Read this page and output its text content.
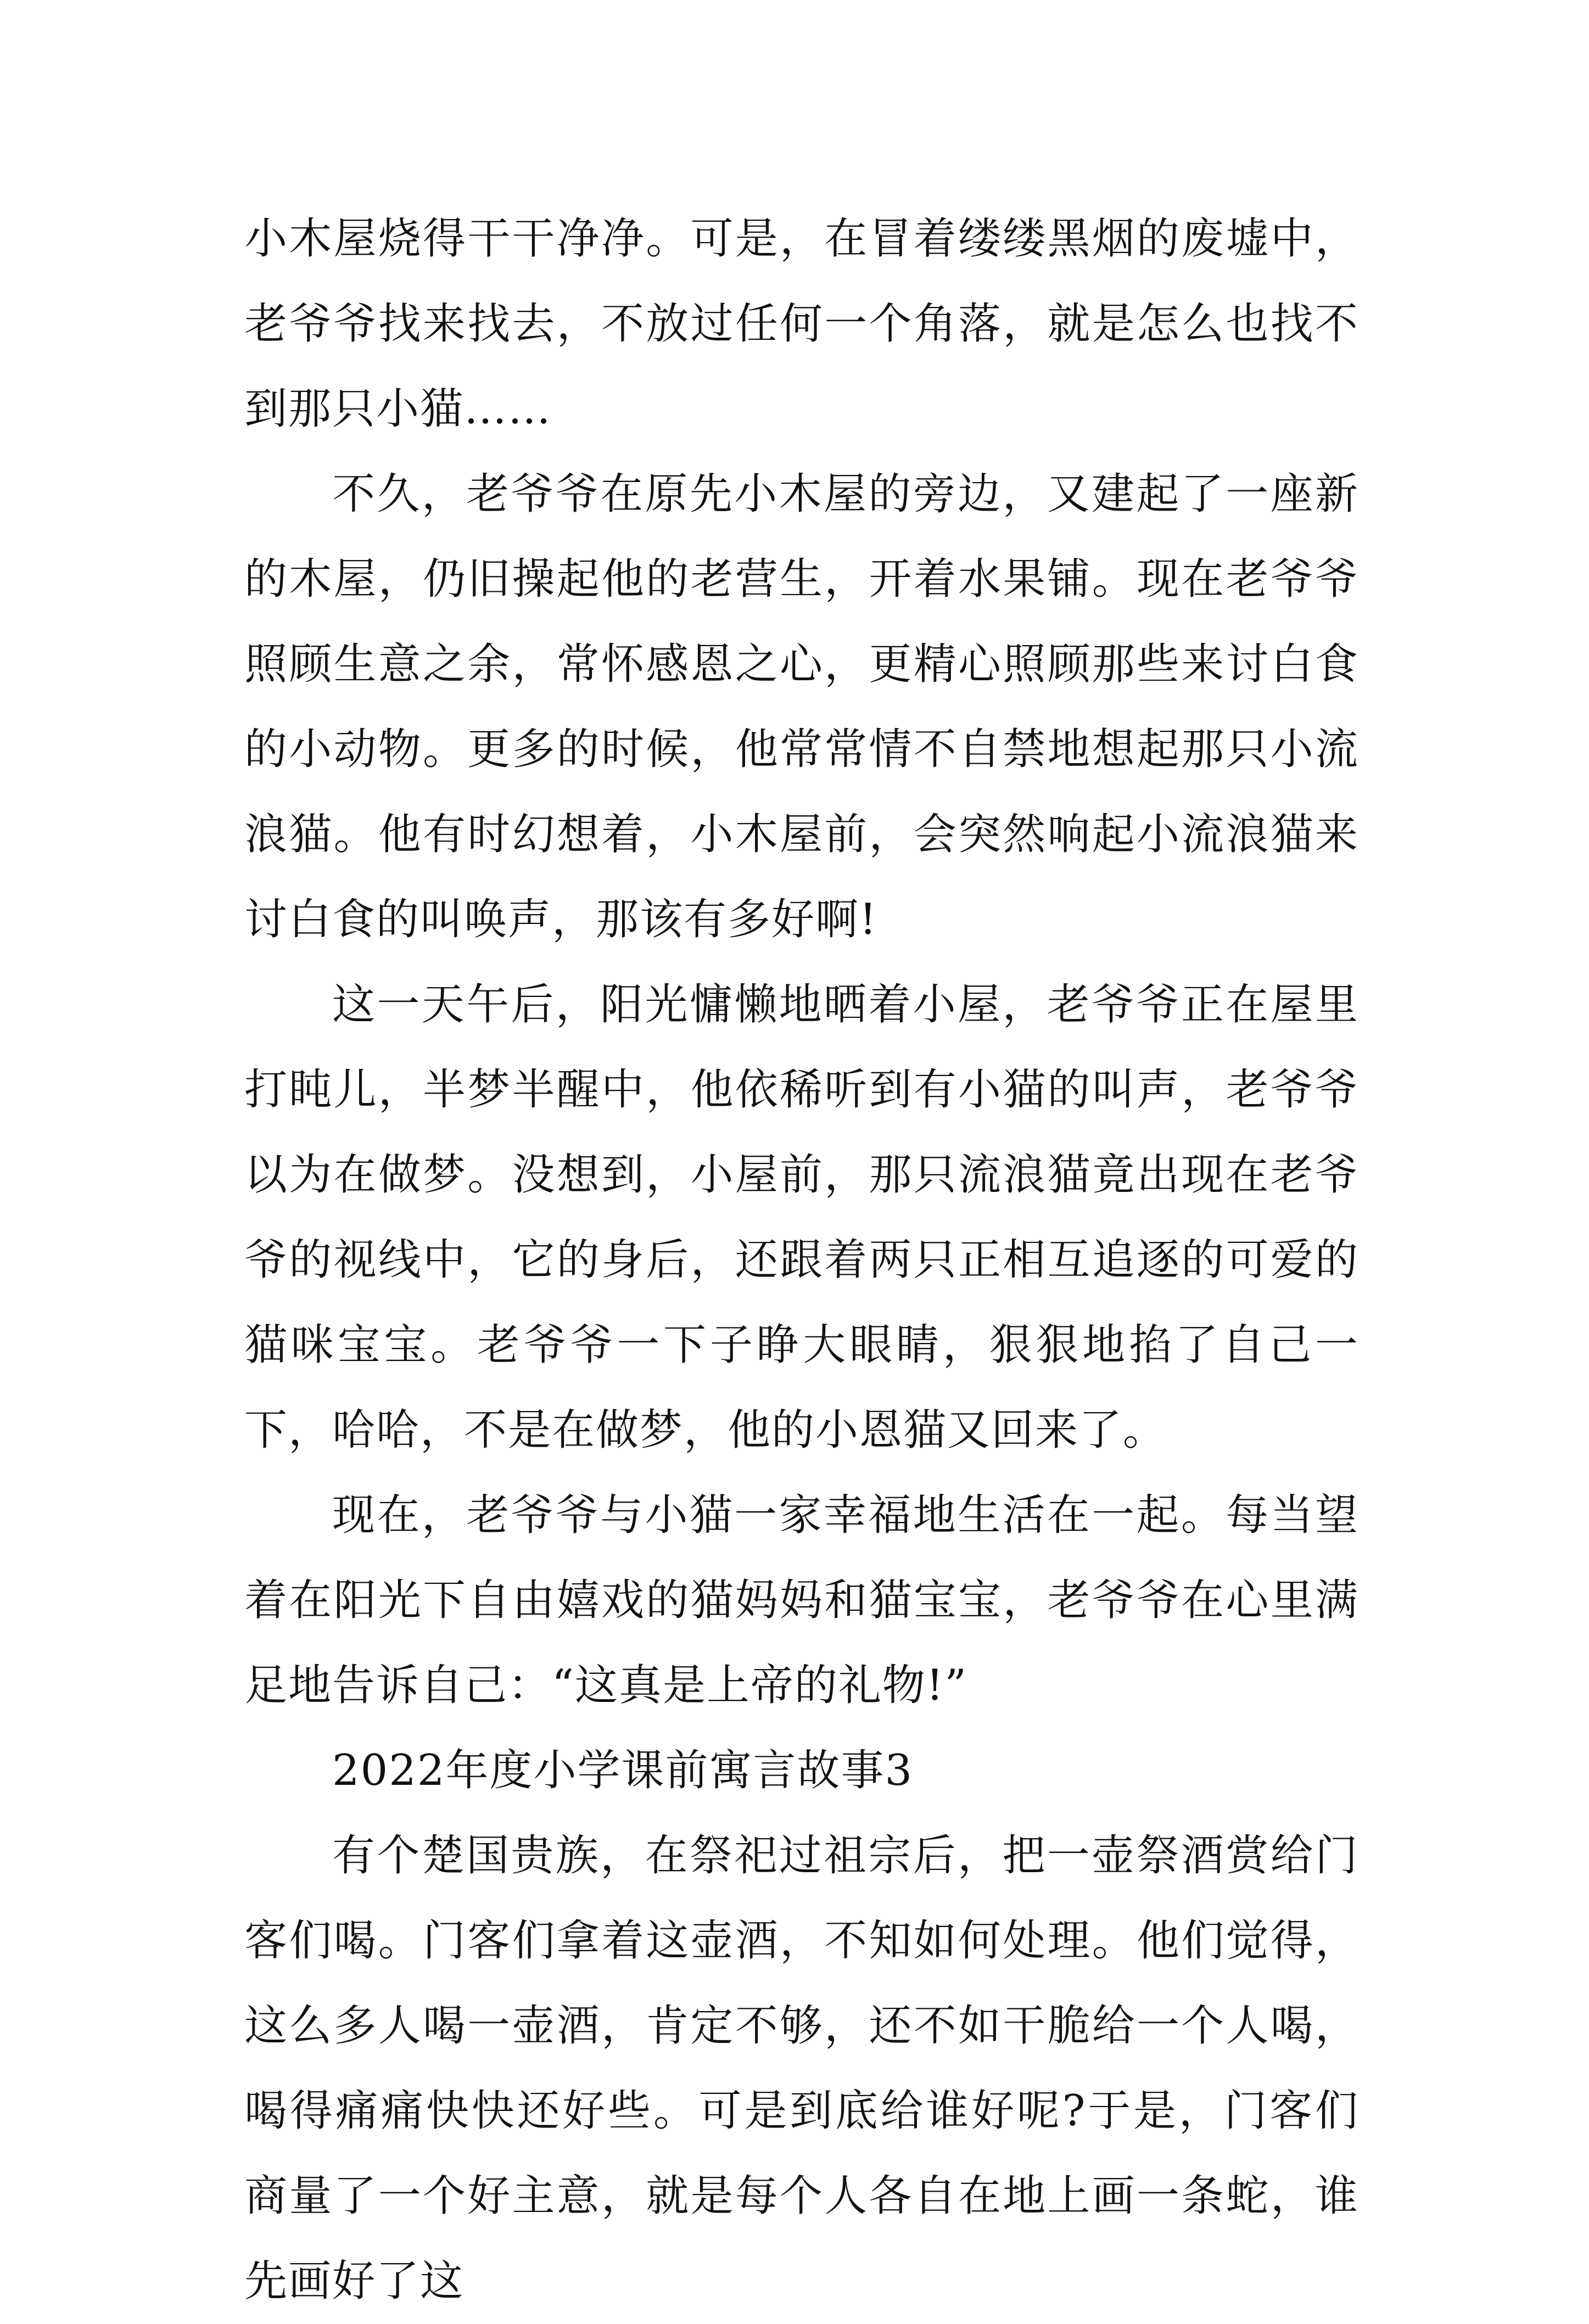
小木屋烧得干干净净。可是，在冒着缕缕黑烟的废墟中，老爷爷找来找去，不放过任何一个角落，就是怎么也找不到那只小猫……

不久，老爷爷在原先小木屋的旁边，又建起了一座新的木屋，仍旧操起他的老营生，开着水果铺。现在老爷爷照顾生意之余，常怀感恩之心，更精心照顾那些来讨白食的小动物。更多的时候，他常常情不自禁地想起那只小流浪猫。他有时幻想着，小木屋前，会突然响起小流浪猫来讨白食的叫唤声，那该有多好啊!

这一天午后，阳光慵懒地晒着小屋，老爷爷正在屋里打盹儿，半梦半醒中，他依稀听到有小猫的叫声，老爷爷以为在做梦。没想到，小屋前，那只流浪猫竟出现在老爷爷的视线中，它的身后，还跟着两只正相互追逐的可爱的猫咪宝宝。老爷爷一下子睁大眼睛，狠狠地掐了自己一下，哈哈，不是在做梦，他的小恩猫又回来了。

现在，老爷爷与小猫一家幸福地生活在一起。每当望着在阳光下自由嬉戏的猫妈妈和猫宝宝，老爷爷在心里满足地告诉自己：“这真是上帝的礼物!”

2022年度小学课前寓言故事3

有个楚国贵族，在祭祀过祖宗后，把一壶祭酒赏给门客们喝。门客们拿着这壶酒，不知如何处理。他们觉得，这么多人喝一壶酒，肯定不够，还不如干脆给一个人喝，喝得痛痛快快还好些。可是到底给谁好呢?于是，门客们商量了一个好主意，就是每个人各自在地上画一条蛇，谁先画好了这
